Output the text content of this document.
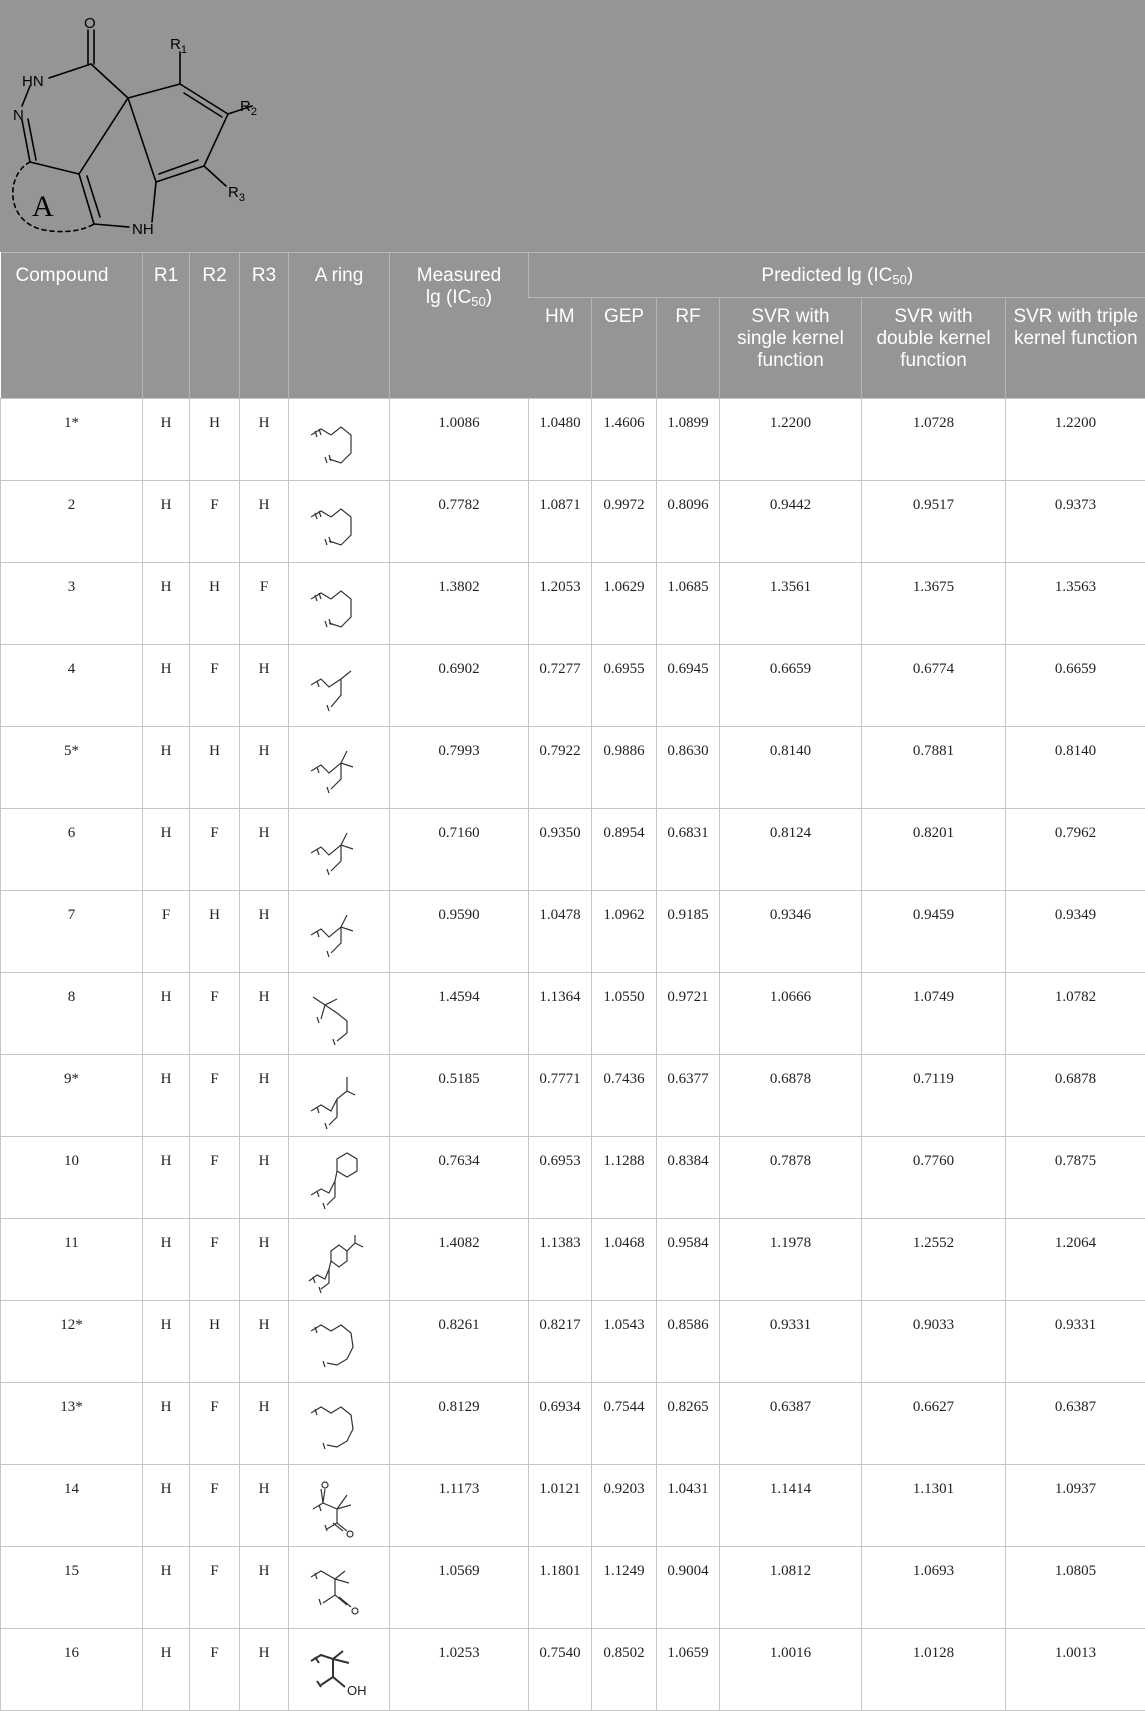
O
HN
N
$R_1$
$R_2$
$R_3$
NH
A
Compound	R1	R2	R3	A ring	Measured
$\lg (IC_{50})$	Predicted $\lg (IC_{50})$					
						HM	GEP	RF	SVR with single kernel function	SVR with double kernel function	SVR with triple kernel function
1*	H	H	H		1.0086	1.0480	1.4606	1.0899	1.2200	1.0728	1.2200
2	H	F	H		0.7782	1.0871	0.9972	0.8096	0.9442	0.9517	0.9373
3	H	H	F		1.3802	1.2053	1.0629	1.0685	1.3561	1.3675	1.3563
4	H	F	H		0.6902	0.7277	0.6955	0.6945	0.6659	0.6774	0.6659
5*	H	H	H		0.7993	0.7922	0.9886	0.8630	0.8140	0.7881	0.8140
6	H	F	H		0.7160	0.9350	0.8954	0.6831	0.8124	0.8201	0.7962
7	F	H	H		0.9590	1.0478	1.0962	0.9185	0.9346	0.9459	0.9349
8	H	F	H		1.4594	1.1364	1.0550	0.9721	1.0666	1.0749	1.0782
9*	H	F	H		0.5185	0.7771	0.7436	0.6377	0.6878	0.7119	0.6878
10	H	F	H		0.7634	0.6953	1.1288	0.8384	0.7878	0.7760	0.7875
11	H	F	H		1.4082	1.1383	1.0468	0.9584	1.1978	1.2552	1.2064
12*	H	H	H		0.8261	0.8217	1.0543	0.8586	0.9331	0.9033	0.9331
13*	H	F	H		0.8129	0.6934	0.7544	0.8265	0.6387	0.6627	0.6387
14	H	F	H		1.1173	1.0121	0.9203	1.0431	1.1414	1.1301	1.0937
15	H	F	H		1.0569	1.1801	1.1249	0.9004	1.0812	1.0693	1.0805
16	H	F	H	OH	1.0253	0.7540	0.8502	1.0659	1.0016	1.0128	1.0013
